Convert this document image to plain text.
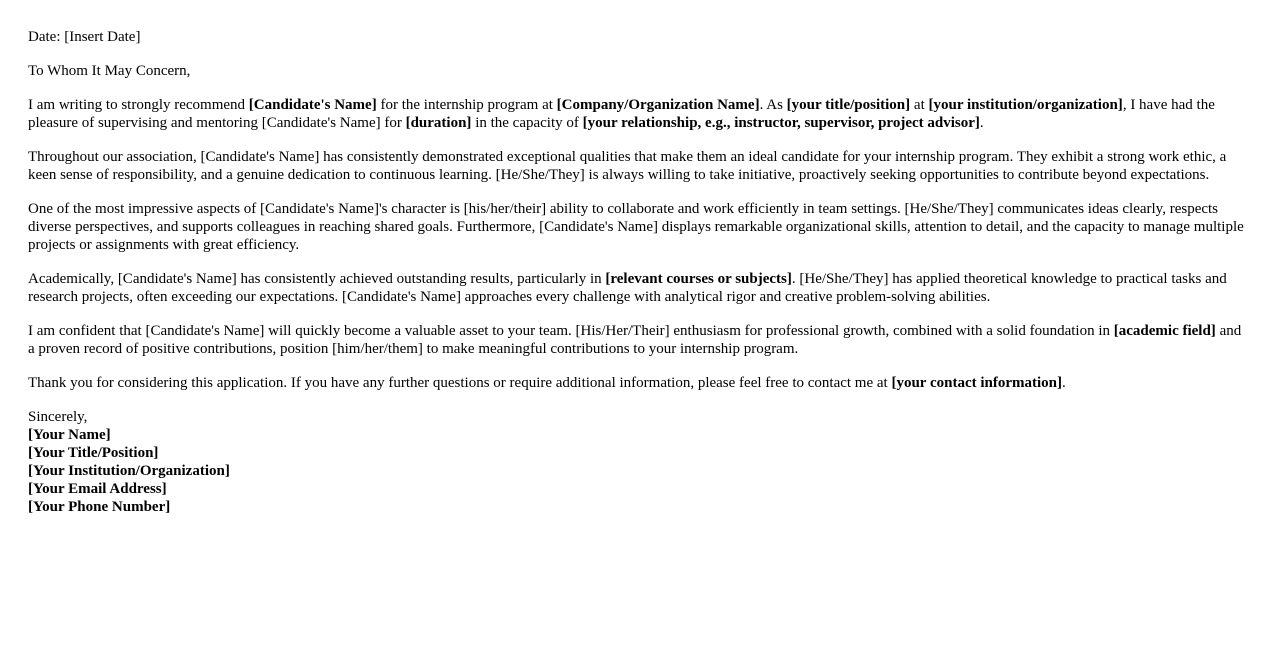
Date: [Insert Date]

To Whom It May Concern,

I am writing to strongly recommend [Candidate's Name] for the internship program at [Company/Organization Name]. As [your title/position] at [your institution/organization], I have had the pleasure of supervising and mentoring [Candidate's Name] for [duration] in the capacity of [your relationship, e.g., instructor, supervisor, project advisor].

Throughout our association, [Candidate's Name] has consistently demonstrated exceptional qualities that make them an ideal candidate for your internship program. They exhibit a strong work ethic, a keen sense of responsibility, and a genuine dedication to continuous learning. [He/She/They] is always willing to take initiative, proactively seeking opportunities to contribute beyond expectations.

One of the most impressive aspects of [Candidate's Name]'s character is [his/her/their] ability to collaborate and work efficiently in team settings. [He/She/They] communicates ideas clearly, respects diverse perspectives, and supports colleagues in reaching shared goals. Furthermore, [Candidate's Name] displays remarkable organizational skills, attention to detail, and the capacity to manage multiple projects or assignments with great efficiency.

Academically, [Candidate's Name] has consistently achieved outstanding results, particularly in [relevant courses or subjects]. [He/She/They] has applied theoretical knowledge to practical tasks and research projects, often exceeding our expectations. [Candidate's Name] approaches every challenge with analytical rigor and creative problem-solving abilities.

I am confident that [Candidate's Name] will quickly become a valuable asset to your team. [His/Her/Their] enthusiasm for professional growth, combined with a solid foundation in [academic field] and a proven record of positive contributions, position [him/her/them] to make meaningful contributions to your internship program.

Thank you for considering this application. If you have any further questions or require additional information, please feel free to contact me at [your contact information].

Sincerely,
[Your Name]
[Your Title/Position]
[Your Institution/Organization]
[Your Email Address]
[Your Phone Number]
